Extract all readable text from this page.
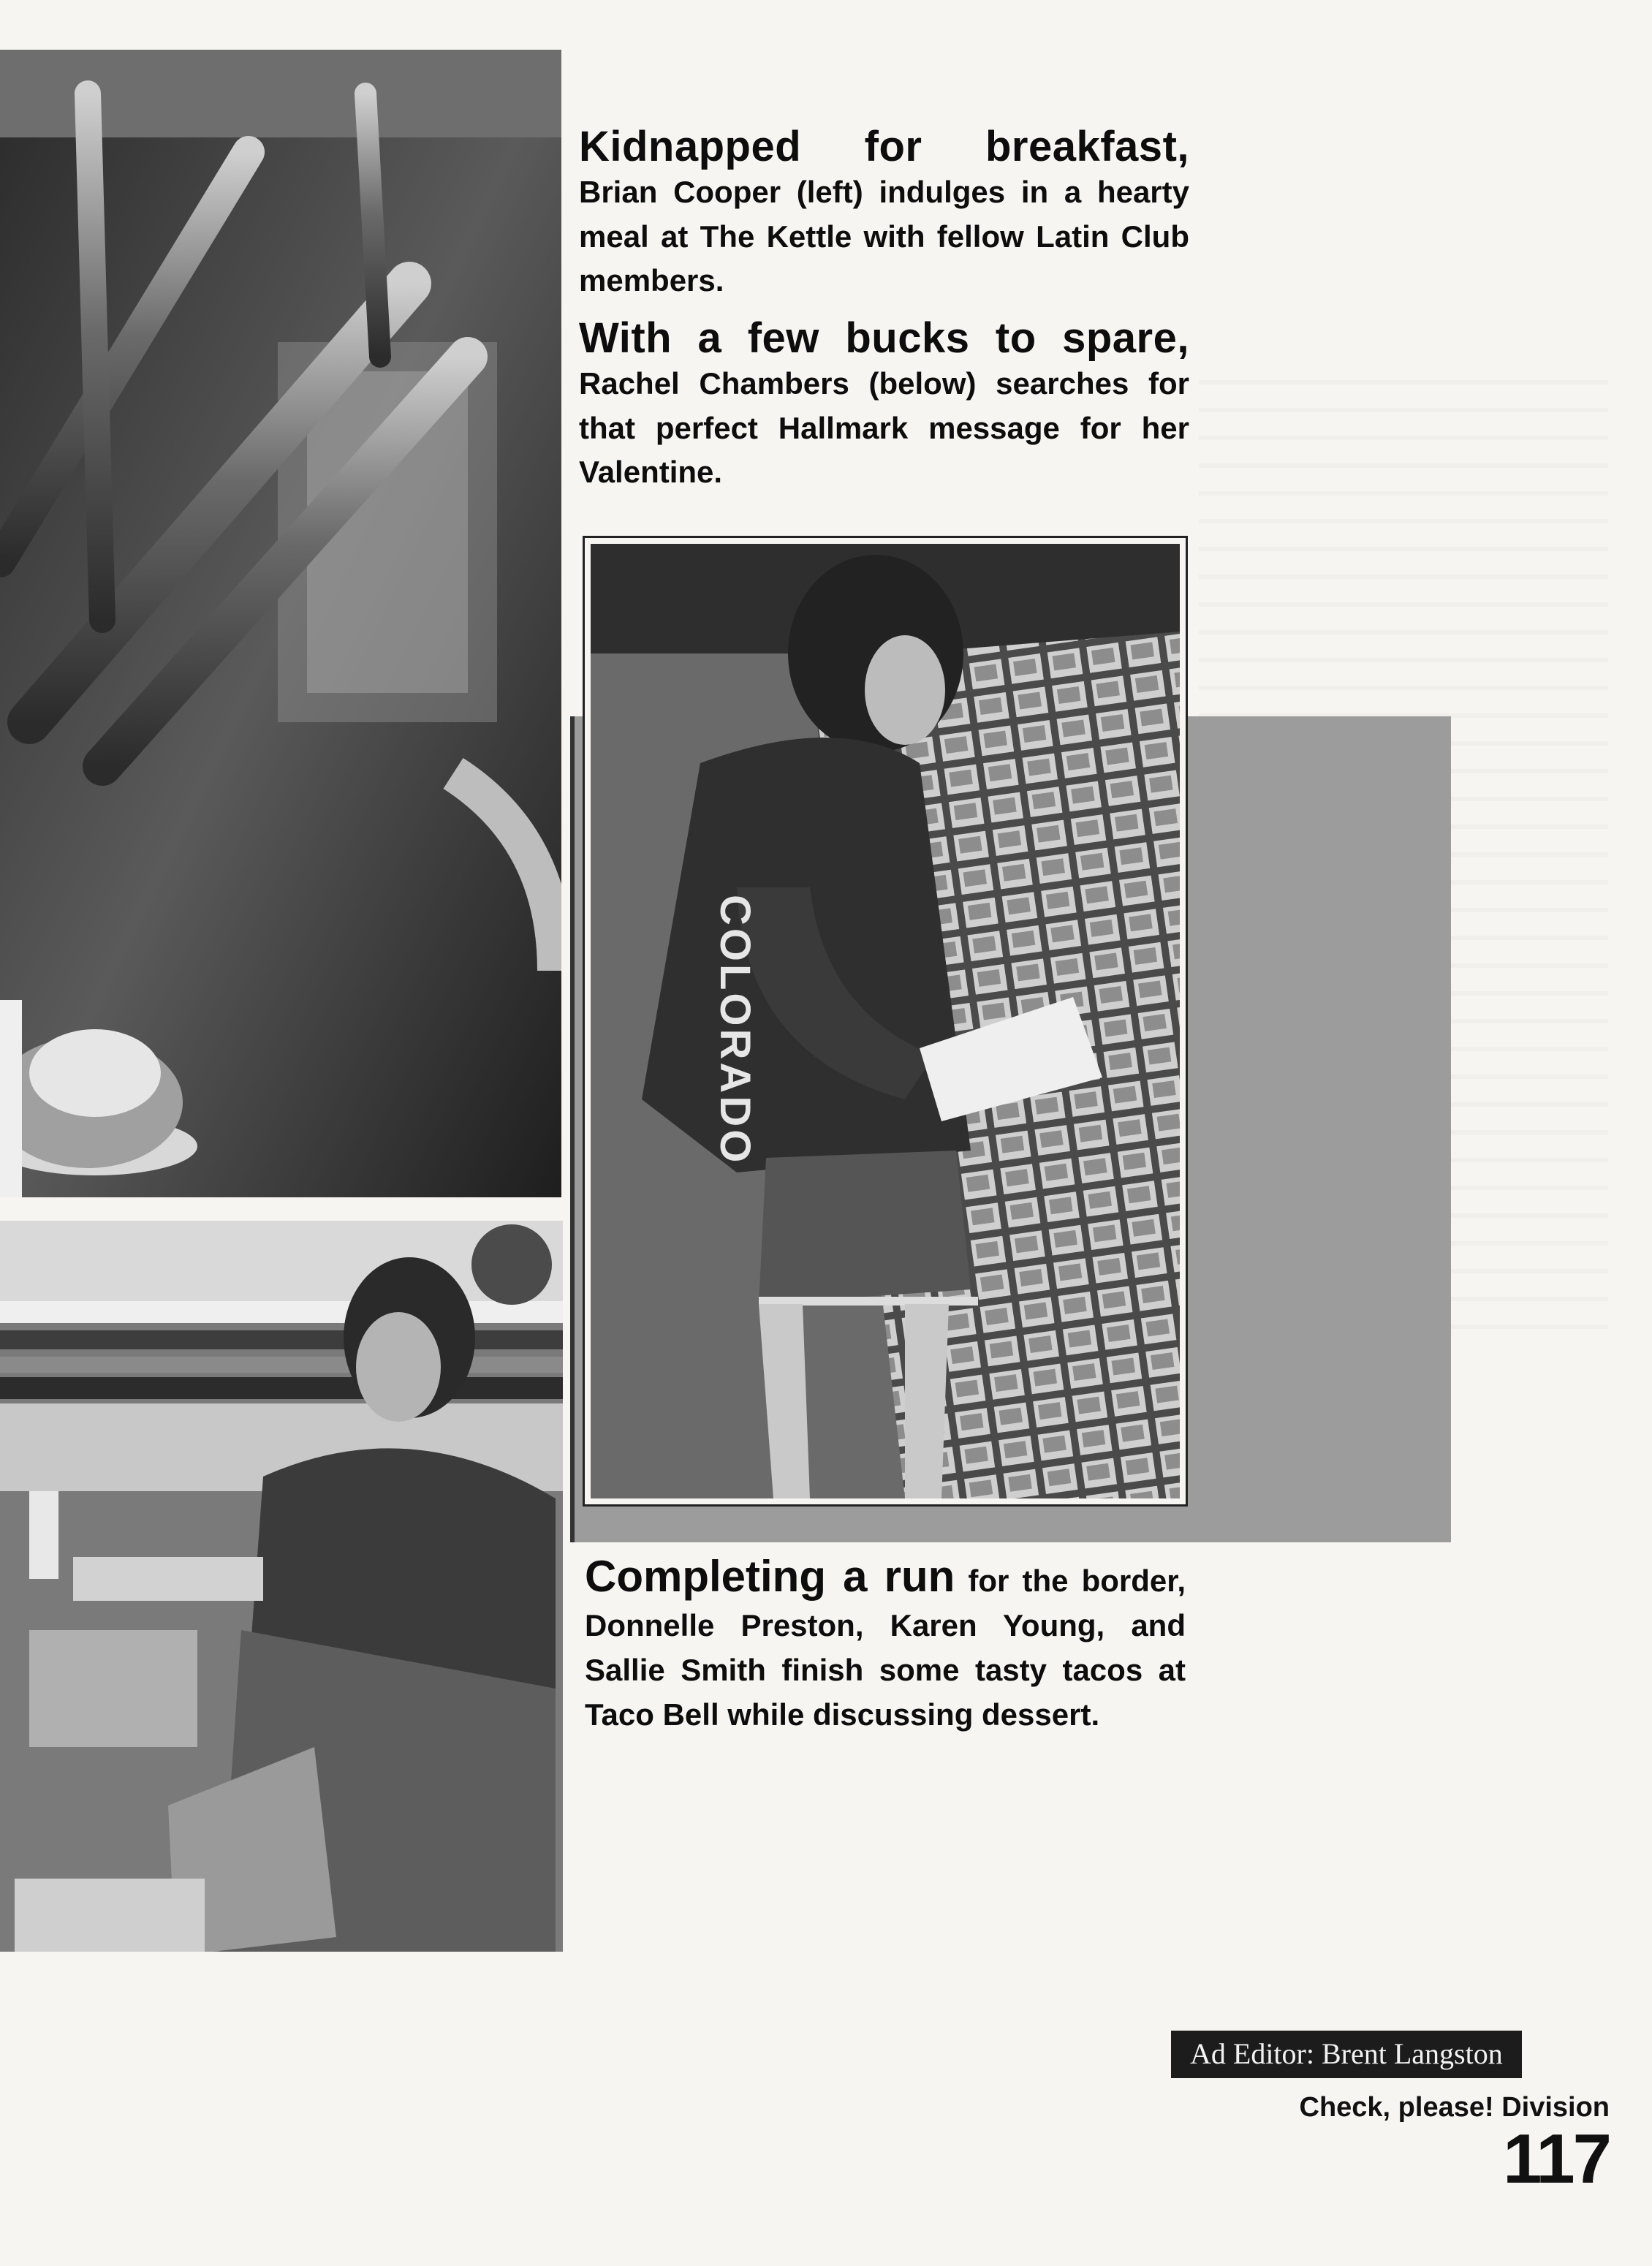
COLORADO
Kidnapped for breakfast,

Brian Cooper (left) indulges in a hearty meal at The Kettle with fellow Latin Club members.

With a few bucks to spare,

Rachel Chambers (below) searches for that perfect Hallmark message for her Valentine.

Completing a run for the border, Donnelle Preston, Karen Young, and Sallie Smith finish some tasty tacos at Taco Bell while discussing dessert.

Ad Editor: Brent Langston
Check, please! Division
117
